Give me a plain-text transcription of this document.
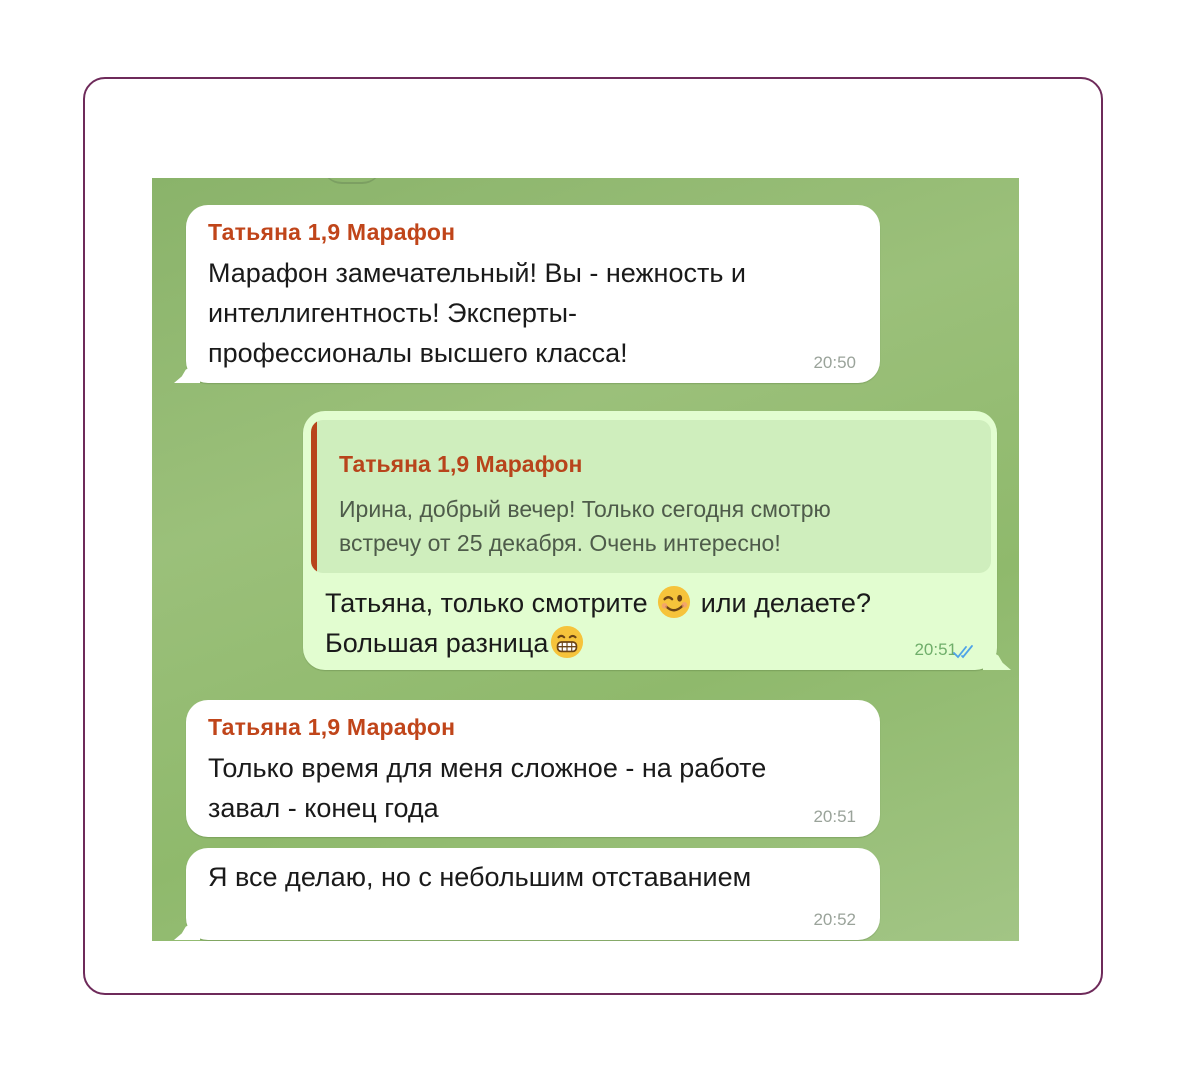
Татьяна 1,9 Марафон
Марафон замечательный! Вы - нежность и
интеллигентность! Эксперты-
профессионалы высшего класса!	20:50
Татьяна 1,9 Марафон
Ирина, добрый вечер! Только сегодня смотрю
встречу от 25 декабря. Очень интересно!
Татьяна, только смотрите или делаете?
Большая разница	20:51
Татьяна 1,9 Марафон
Только время для меня сложное - на работе
завал - конец года	20:51
Я все делаю, но с небольшим отставанием
20:52
